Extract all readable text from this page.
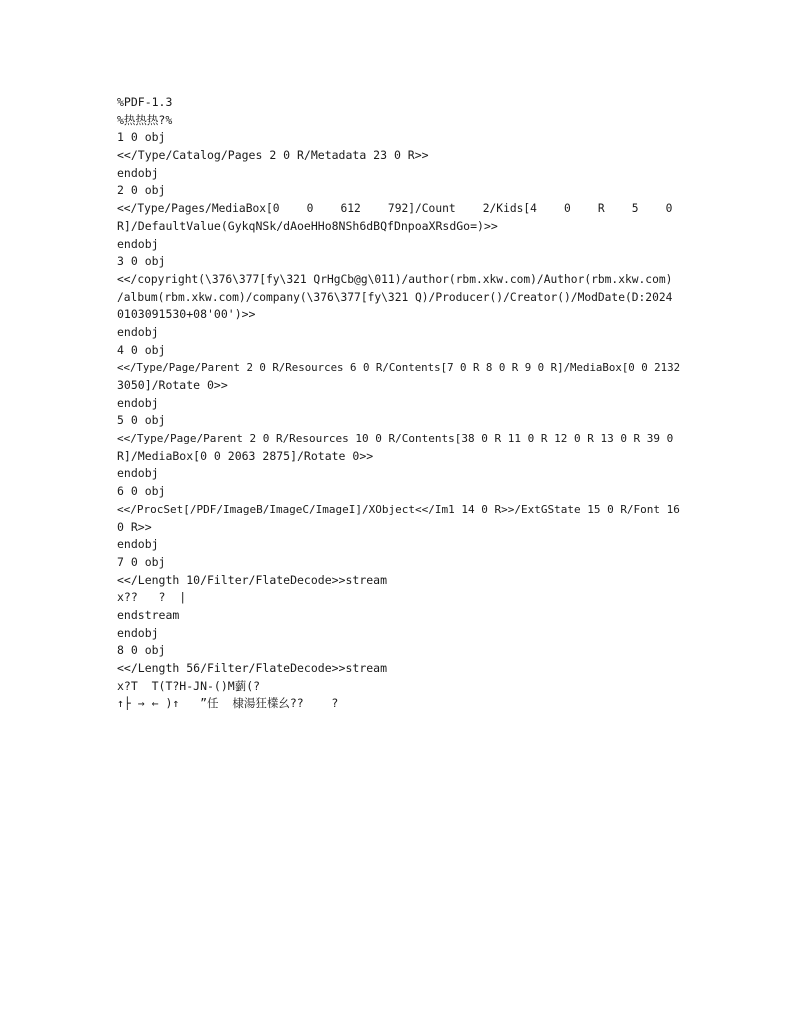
%PDF-1.3
%热热热?%
1 0 obj
<</Type/Catalog/Pages 2 0 R/Metadata 23 0 R>>
endobj
2 0 obj
<</Type/Pages/MediaBox[0    0    612    792]/Count    2/Kids[4    0    R    5    0
R]/DefaultValue(GykqNSk/dAoeHHo8NSh6dBQfDnpoaXRsdGo=)>>
endobj
3 0 obj
<</copyright(\376\377[fy\321 QrHgCb@g\011)/author(rbm.xkw.com)/Author(rbm.xkw.com)
/album(rbm.xkw.com)/company(\376\377[fy\321 Q)/Producer()/Creator()/ModDate(D:2024
0103091530+08'00')>>
endobj
4 0 obj
<</Type/Page/Parent 2 0 R/Resources 6 0 R/Contents[7 0 R 8 0 R 9 0 R]/MediaBox[0 0 2132
3050]/Rotate 0>>
endobj
5 0 obj
<</Type/Page/Parent 2 0 R/Resources 10 0 R/Contents[38 0 R 11 0 R 12 0 R 13 0 R 39 0
R]/MediaBox[0 0 2063 2875]/Rotate 0>>
endobj
6 0 obj
<</ProcSet[/PDF/ImageB/ImageC/ImageI]/XObject<</Im1 14 0 R>>/ExtGState 15 0 R/Font 16
0 R>>
endobj
7 0 obj
<</Length 10/Filter/FlateDecode>>stream
x??   ?  |
endstream
endobj
8 0 obj
<</Length 56/Filter/FlateDecode>>stream
x?T  T(T?H-JN-()M藰(?
↑├ → ← )↑   ”任  棣湯狂檏幺??    ?
